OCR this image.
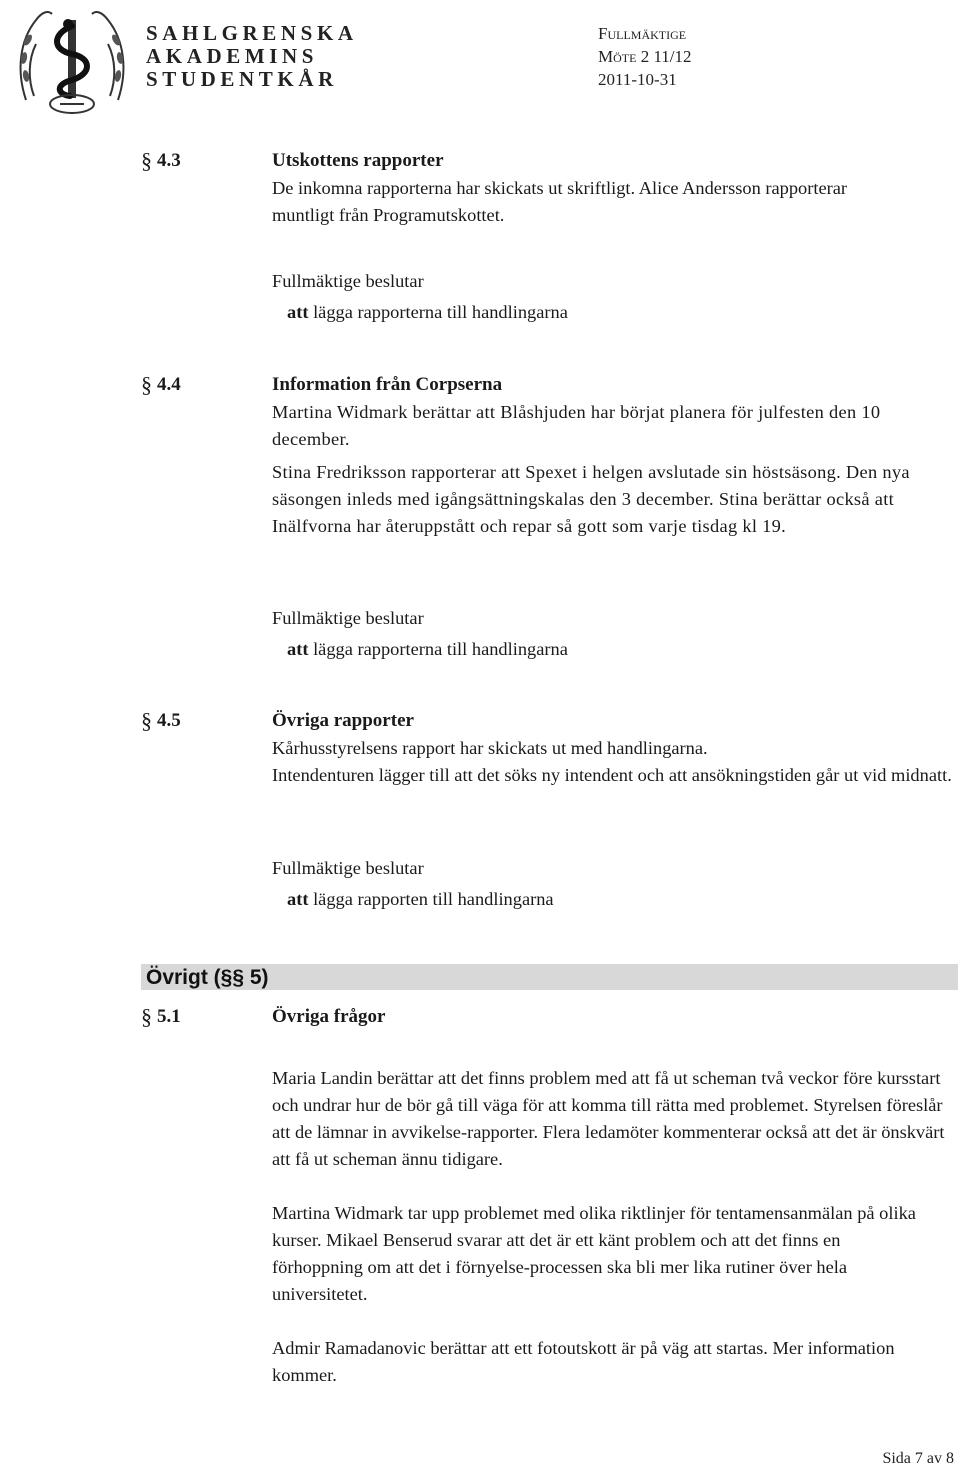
SAHLGRENSKA
AKADEMINS
STUDENTKÅR
Fullmäktige
Möte 2 11/12
2011-10-31
§ 4.3	Utskottens rapporter

De inkomna rapporterna har skickats ut skriftligt. Alice Andersson rapporterar muntligt från Programutskottet.

Fullmäktige beslutar
att lägga rapporterna till handlingarna
§ 4.4	Information från Corpserna

Martina Widmark berättar att Blåshjuden har börjat planera för julfesten den 10 december.

Stina Fredriksson rapporterar att Spexet i helgen avslutade sin höstsäsong. Den nya säsongen inleds med igångsättningskalas den 3 december. Stina berättar också att Inälfvorna har återuppstått och repar så gott som varje tisdag kl 19.

Fullmäktige beslutar
att lägga rapporterna till handlingarna
§ 4.5	Övriga rapporter

Kårhusstyrelsens rapport har skickats ut med handlingarna.

Intendenturen lägger till att det söks ny intendent och att ansökningstiden går ut vid midnatt.

Fullmäktige beslutar
att lägga rapporten till handlingarna
Övrigt (§§ 5)
§ 5.1	Övriga frågor

Maria Landin berättar att det finns problem med att få ut scheman två veckor före kursstart och undrar hur de bör gå till väga för att komma till rätta med problemet. Styrelsen föreslår att de lämnar in avvikelse-rapporter. Flera ledamöter kommenterar också att det är önskvärt att få ut scheman ännu tidigare.

Martina Widmark tar upp problemet med olika riktlinjer för tentamensanmälan på olika kurser. Mikael Benserud svarar att det är ett känt problem och att det finns en förhoppning om att det i förnyelse-processen ska bli mer lika rutiner över hela universitetet.

Admir Ramadanovic berättar att ett fotoutskott är på väg att startas. Mer information kommer.

Sida 7 av 8
